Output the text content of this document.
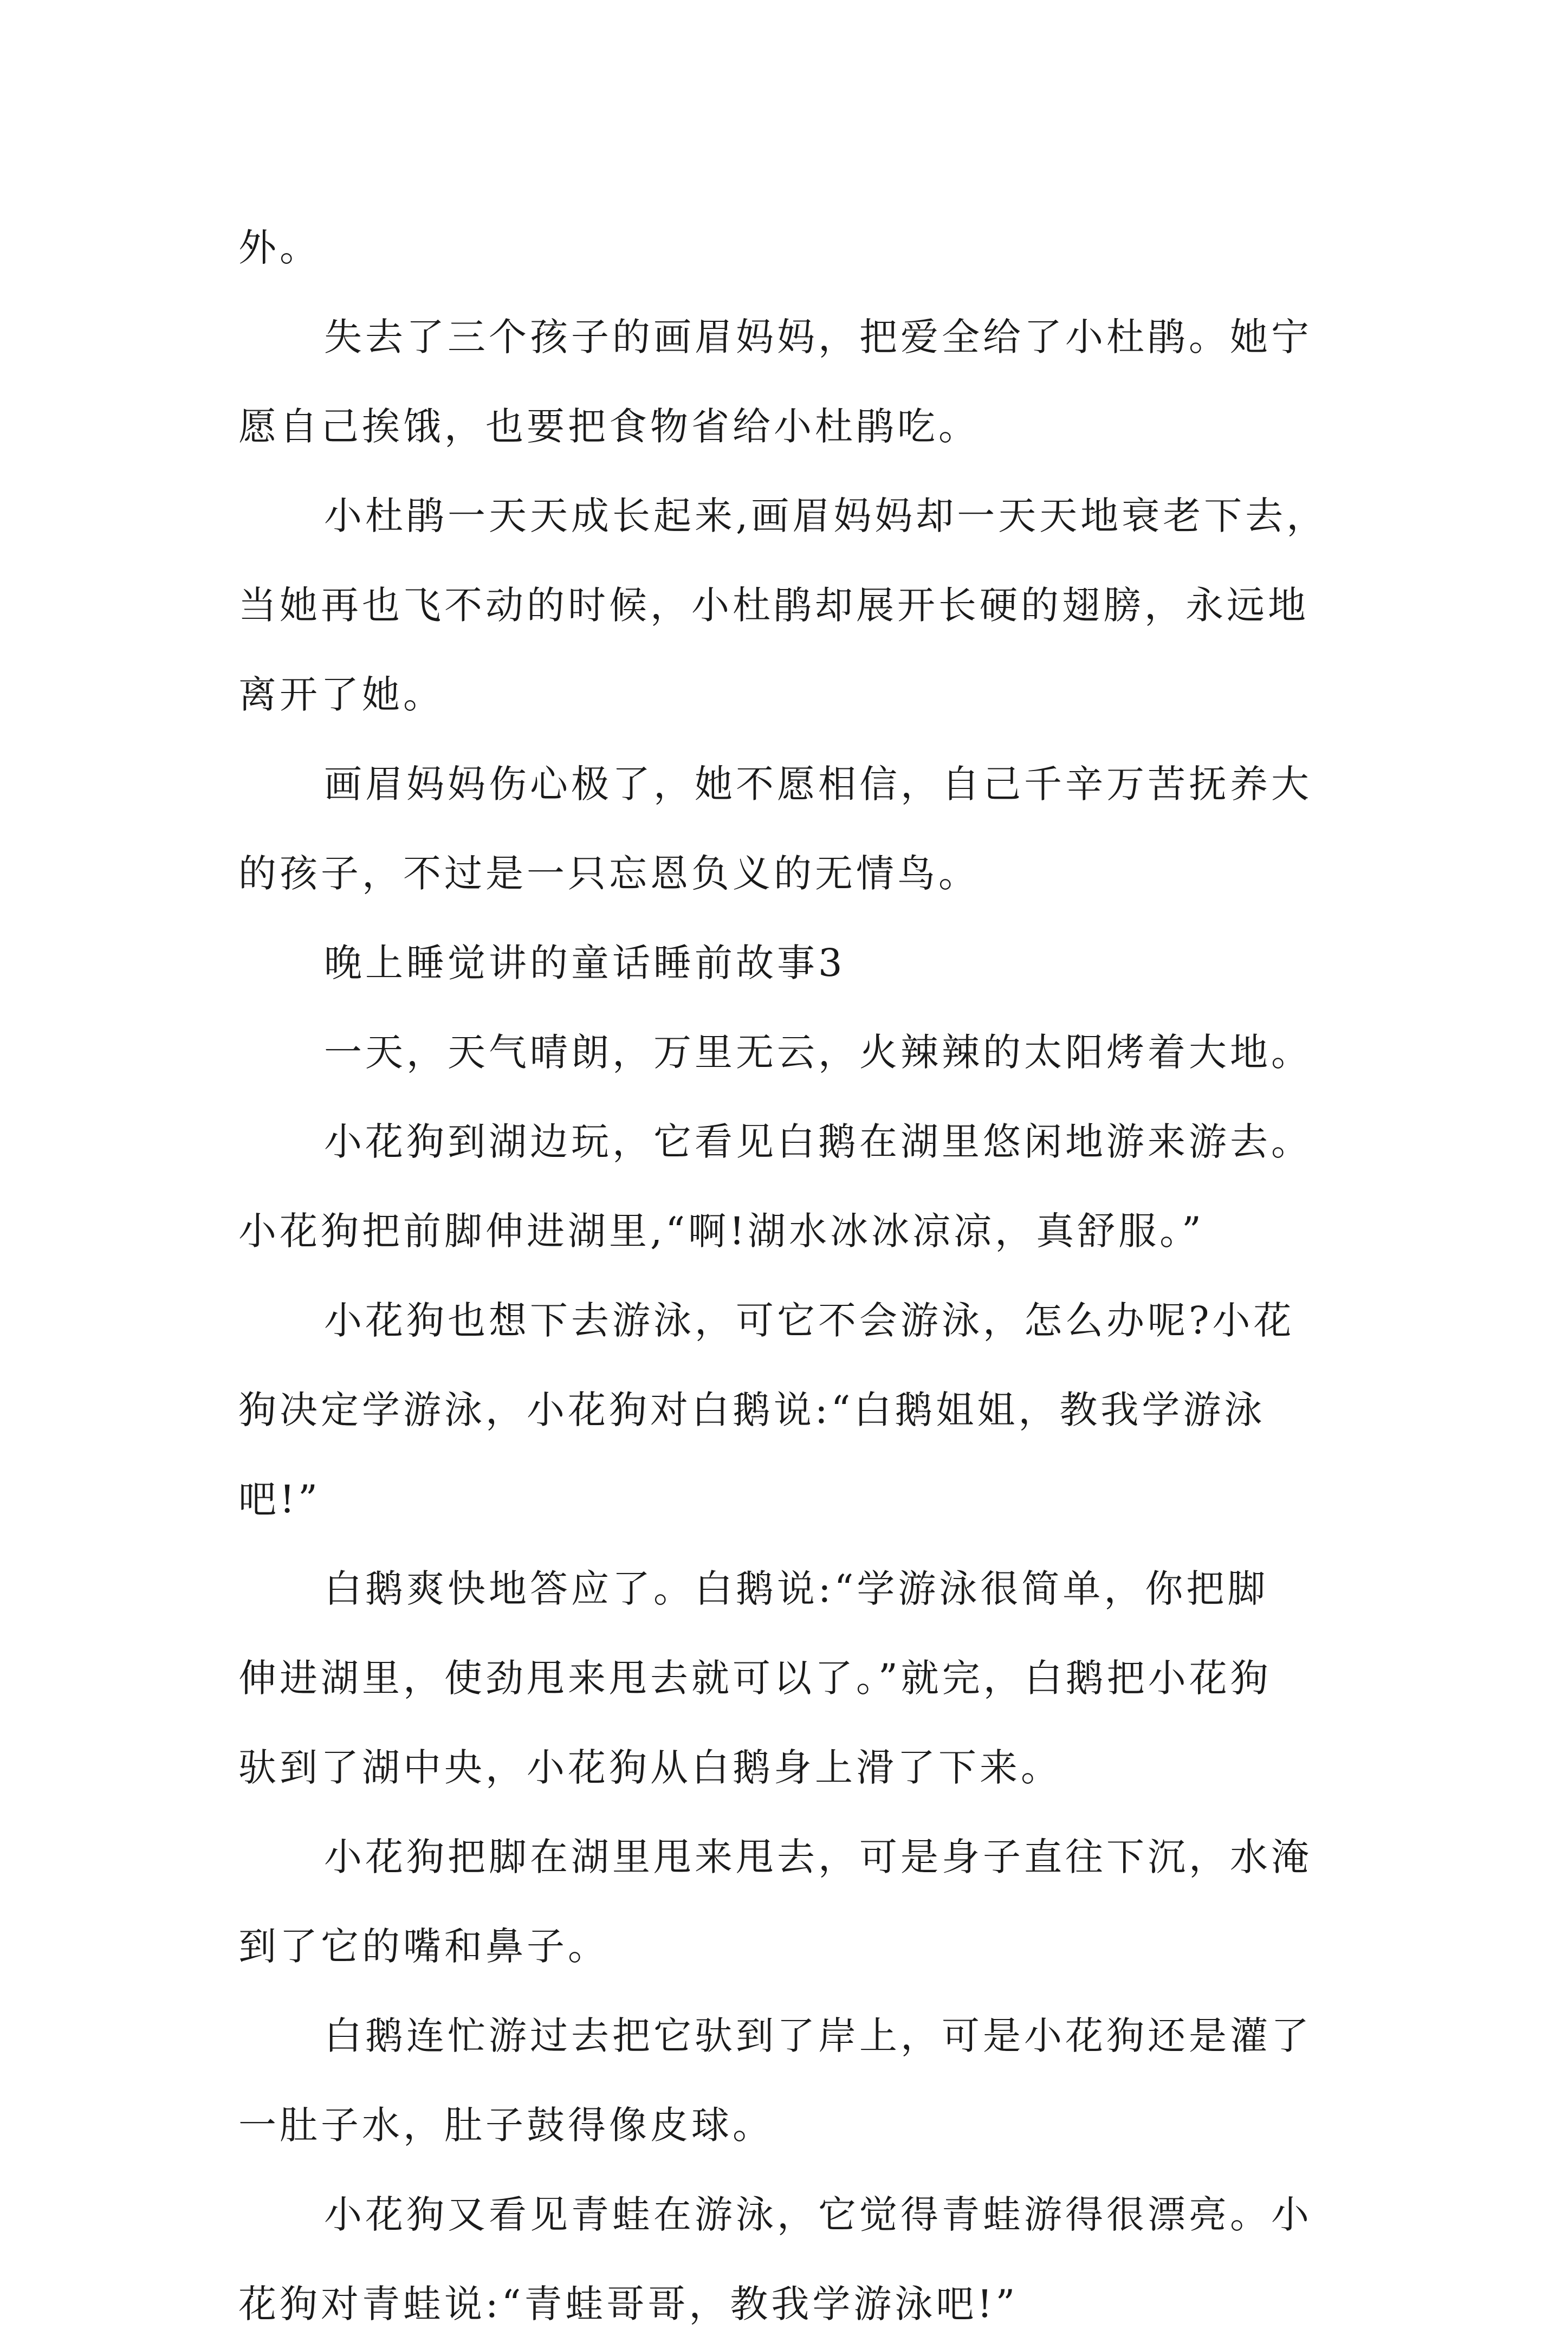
外。

失去了三个孩子的画眉妈妈，把爱全给了小杜鹃。她宁
愿自己挨饿，也要把食物省给小杜鹃吃。

小杜鹃一天天成长起来,画眉妈妈却一天天地衰老下去，
当她再也飞不动的时候，小杜鹃却展开长硬的翅膀，永远地
离开了她。

画眉妈妈伤心极了，她不愿相信，自己千辛万苦抚养大
的孩子，不过是一只忘恩负义的无情鸟。

晚上睡觉讲的童话睡前故事3

一天，天气晴朗，万里无云，火辣辣的太阳烤着大地。

小花狗到湖边玩，它看见白鹅在湖里悠闲地游来游去。
小花狗把前脚伸进湖里,“啊!湖水冰冰凉凉，真舒服。”

小花狗也想下去游泳，可它不会游泳，怎么办呢?小花
狗决定学游泳，小花狗对白鹅说:“白鹅姐姐，教我学游泳
吧!”

白鹅爽快地答应了。白鹅说:“学游泳很简单，你把脚
伸进湖里，使劲甩来甩去就可以了。”就完，白鹅把小花狗
驮到了湖中央，小花狗从白鹅身上滑了下来。

小花狗把脚在湖里甩来甩去，可是身子直往下沉，水淹
到了它的嘴和鼻子。

白鹅连忙游过去把它驮到了岸上，可是小花狗还是灌了
一肚子水，肚子鼓得像皮球。

小花狗又看见青蛙在游泳，它觉得青蛙游得很漂亮。小
花狗对青蛙说:“青蛙哥哥，教我学游泳吧!”
